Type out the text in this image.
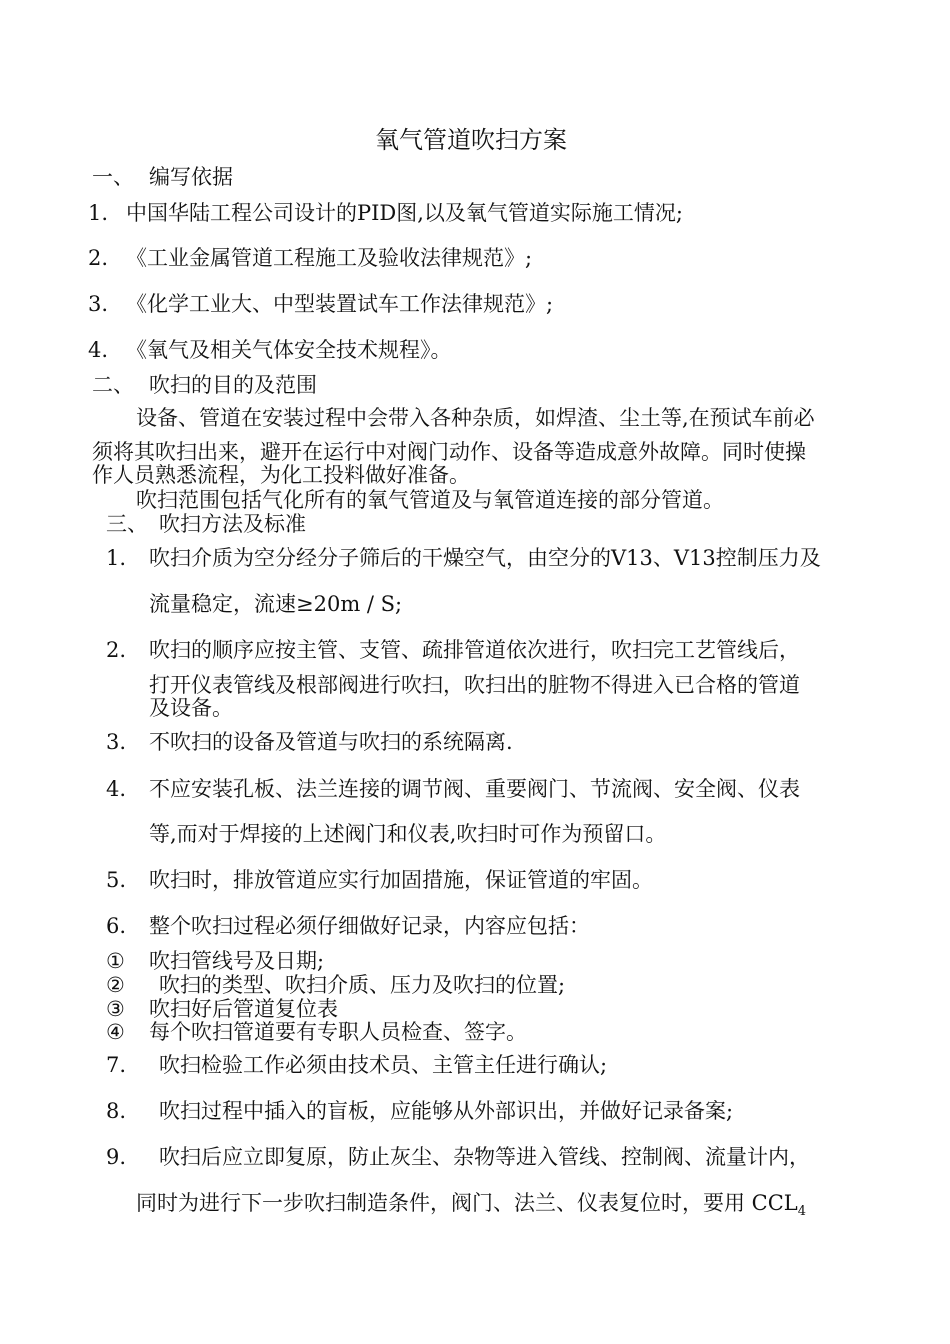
氧气管道吹扫方案
一、 编写依据
1. 中国华陆工程公司设计的PID图,以及氧气管道实际施工情况;
2. 《工业金属管道工程施工及验收法律规范》;
3. 《化学工业大、中型装置试车工作法律规范》;
4. 《氧气及相关气体安全技术规程》。
二、 吹扫的目的及范围
设备、管道在安装过程中会带入各种杂质，如焊渣、尘土等,在预试车前必
须将其吹扫出来，避开在运行中对阀门动作、设备等造成意外故障。同时使操
作人员熟悉流程，为化工投料做好准备。
吹扫范围包括气化所有的氧气管道及与氧管道连接的部分管道。
三、 吹扫方法及标准
1. 吹扫介质为空分经分子筛后的干燥空气，由空分的V13、V13控制压力及
流量稳定，流速≥20m / S;
2. 吹扫的顺序应按主管、支管、疏排管道依次进行，吹扫完工艺管线后，
打开仪表管线及根部阀进行吹扫，吹扫出的脏物不得进入已合格的管道
及设备。
3. 不吹扫的设备及管道与吹扫的系统隔离.
4. 不应安装孔板、法兰连接的调节阀、重要阀门、节流阀、安全阀、仪表
等,而对于焊接的上述阀门和仪表,吹扫时可作为预留口。
5. 吹扫时，排放管道应实行加固措施，保证管道的牢固。
6. 整个吹扫过程必须仔细做好记录，内容应包括：
① 吹扫管线号及日期;
② 吹扫的类型、吹扫介质、压力及吹扫的位置;
③ 吹扫好后管道复位表
④ 每个吹扫管道要有专职人员检查、签字。
7. 吹扫检验工作必须由技术员、主管主任进行确认;
8. 吹扫过程中插入的盲板，应能够从外部识出，并做好记录备案;
9. 吹扫后应立即复原，防止灰尘、杂物等进入管线、控制阀、流量计内，
同时为进行下一步吹扫制造条件，阀门、法兰、仪表复位时，要用 $CCL_4$
